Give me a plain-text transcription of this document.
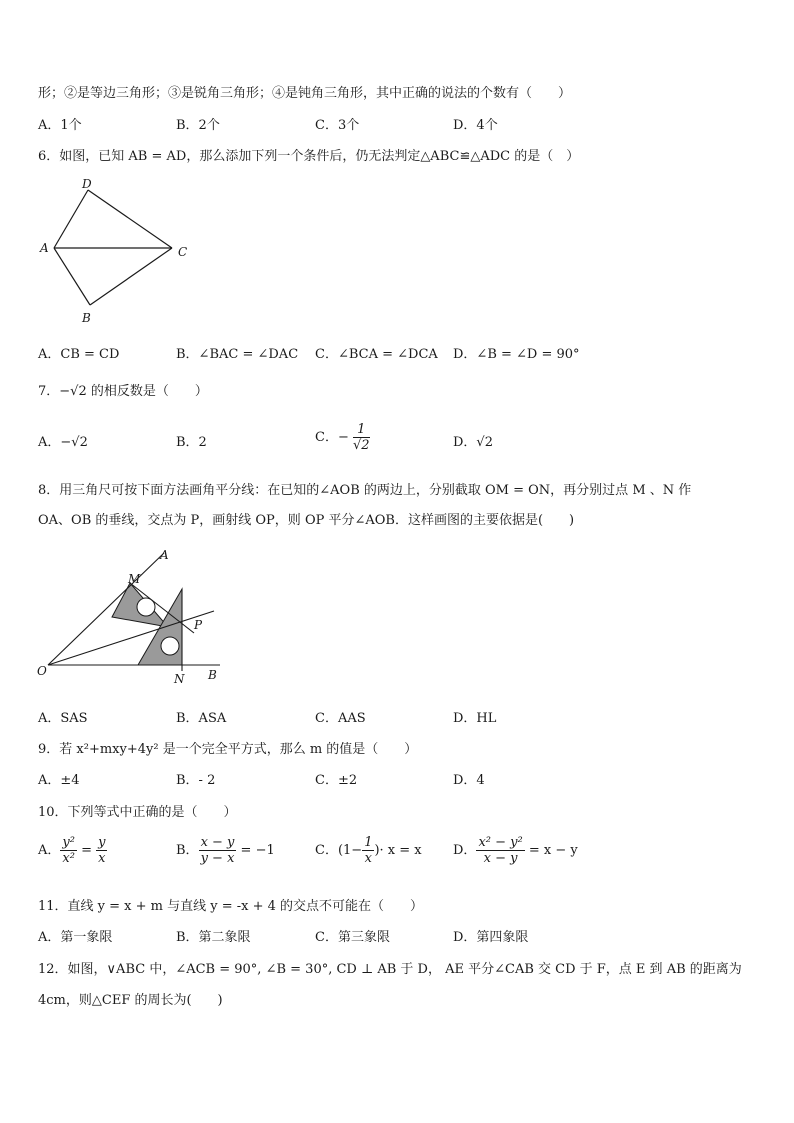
形；②是等边三角形；③是锐角三角形；④是钝角三角形，其中正确的说法的个数有（　　）
A．1个	B．2个	C．3个	D．4个
6．如图，已知 AB = AD，那么添加下列一个条件后，仍无法判定△ABC≌△ADC 的是（　）
D
A	C
B
A．CB = CD	B．∠BAC = ∠DAC C．∠BCA = ∠DCA D．∠B = ∠D = 90°
7．−√2 的相反数是（　　）
A．−√2	B．2	C．− $\frac{1}{√2}$	D．√2
8．用三角尺可按下面方法画角平分线：在已知的∠AOB 的两边上，分别截取 OM = ON，再分别过点 M 、N 作
OA、OB 的垂线，交点为 P，画射线 OP，则 OP 平分∠AOB．这样画图的主要依据是(　　)
A
M
P
O
N B
A．SAS	B．ASA	C．AAS	D．HL
9．若 x²+mxy+4y² 是一个完全平方式，那么 m 的值是（　　）
A．±4	B．- 2	C．±2	D．4
10．下列等式中正确的是（　　）
A． $\frac{\text{y²}}{\text{x²}} = \frac{y}{x}$	B． $\frac{x - y}{y - x} = -1$	C．($1- \frac{1}{x}$ )· x = x D． $\frac{\text{x² − y²}}{x - y} = x - y$
11．直线 y = x + m 与直线 y = -x + 4 的交点不可能在（　　）
A．第一象限	B．第二象限	C．第三象限	D．第四象限
12．如图，∨ABC 中，∠ACB = 90°, ∠B = 30°, CD ⊥ AB 于 D， AE 平分∠CAB 交 CD 于 F，点 E 到 AB 的距离为
4cm，则△CEF 的周长为(　　)
